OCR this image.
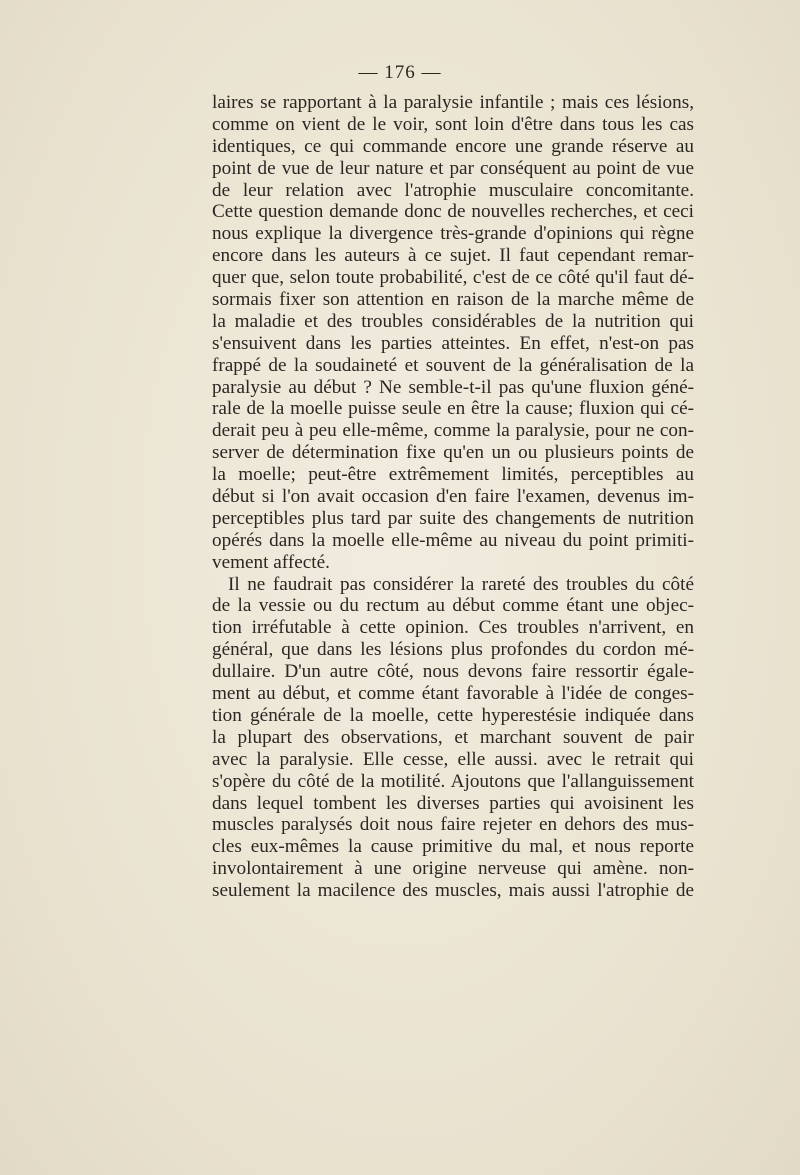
— 176 —
laires se rapportant à la paralysie infantile ; mais ces lésions,
comme on vient de le voir, sont loin d'être dans tous les cas
identiques, ce qui commande encore une grande réserve au
point de vue de leur nature et par conséquent au point de vue
de leur relation avec l'atrophie musculaire concomitante.
Cette question demande donc de nouvelles recherches, et ceci
nous explique la divergence très-grande d'opinions qui règne
encore dans les auteurs à ce sujet. Il faut cependant remar-
quer que, selon toute probabilité, c'est de ce côté qu'il faut dé-
sormais fixer son attention en raison de la marche même de
la maladie et des troubles considérables de la nutrition qui
s'ensuivent dans les parties atteintes. En effet, n'est-on pas
frappé de la soudaineté et souvent de la généralisation de la
paralysie au début ? Ne semble-t-il pas qu'une fluxion géné-
rale de la moelle puisse seule en être la cause; fluxion qui cé-
derait peu à peu elle-même, comme la paralysie, pour ne con-
server de détermination fixe qu'en un ou plusieurs points de
la moelle; peut-être extrêmement limités, perceptibles au
début si l'on avait occasion d'en faire l'examen, devenus im-
perceptibles plus tard par suite des changements de nutrition
opérés dans la moelle elle-même au niveau du point primiti-
vement affecté.
Il ne faudrait pas considérer la rareté des troubles du côté
de la vessie ou du rectum au début comme étant une objec-
tion irréfutable à cette opinion. Ces troubles n'arrivent, en
général, que dans les lésions plus profondes du cordon mé-
dullaire. D'un autre côté, nous devons faire ressortir égale-
ment au début, et comme étant favorable à l'idée de conges-
tion générale de la moelle, cette hyperestésie indiquée dans
la plupart des observations, et marchant souvent de pair
avec la paralysie. Elle cesse, elle aussi. avec le retrait qui
s'opère du côté de la motilité. Ajoutons que l'allanguissement
dans lequel tombent les diverses parties qui avoisinent les
muscles paralysés doit nous faire rejeter en dehors des mus-
cles eux-mêmes la cause primitive du mal, et nous reporte
involontairement à une origine nerveuse qui amène. non-
seulement la macilence des muscles, mais aussi l'atrophie de
